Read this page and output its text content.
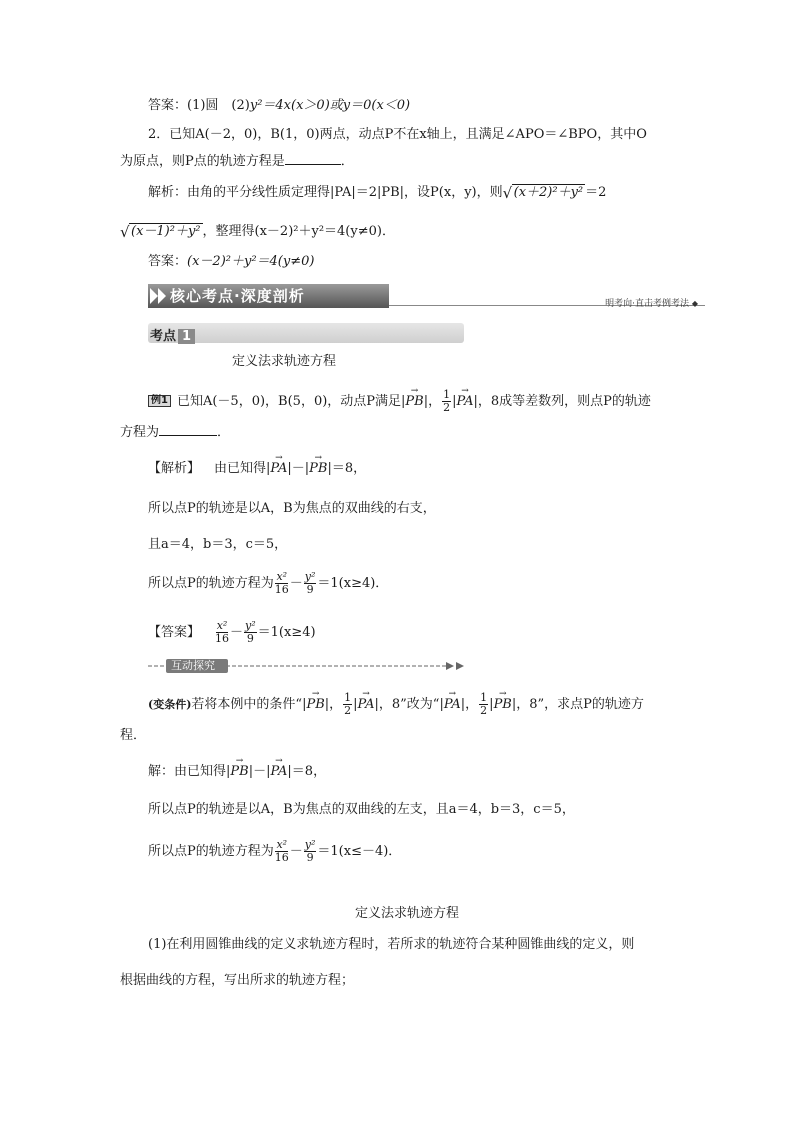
答案：(1)圆　(2)y²＝4x(x＞0)或y＝0(x＜0)
2．已知A(－2，0)，B(1，0)两点，动点P不在x轴上，且满足∠APO＝∠BPO，其中O
为原点，则P点的轨迹方程是	．
解析：由角的平分线性质定理得|PA|＝2|PB|，设P(x，y)，则 √ (x＋2)²＋y² ＝2
√ (x－1)²＋y² ，整理得(x－2)²＋y²＝4(y≠0)．
答案：(x－2)²＋y²＝4(y≠0)
核心考点·深度剖析	明考向·直击考例考法 ◆
考点 1
定义法求轨迹方程
例1 已知A(－5，0)，B(5，0)，动点P满足|→ PB|， $\frac{1}{2}$ |→ PA|，8成等差数列，则点P的轨迹
方程为	．
【解析】 由已知得|→ PA|－|→ PB|＝8，
所以点P的轨迹是以A，B为焦点的双曲线的右支，
且a＝4，b＝3，c＝5，
所以点P的轨迹方程为 $\frac{\text{x²}}{16} - \frac{\text{y²}}{9} =1(x\ge 4)$．
【答案】 $\frac{\text{x²}}{16} - \frac{\text{y²}}{9} =1(x\ge 4)$
互动探究
(变条件)若将本例中的条件“|→ PB|， $\frac{1}{2}$ |→ PA|，8”改为“|→ PA|， $\frac{1}{2}$ |→ PB|，8”，求点P的轨迹方
程．
解：由已知得|→ PB|－|→ PA|＝8，
所以点P的轨迹是以A，B为焦点的双曲线的左支，且a＝4，b＝3，c＝5，
所以点P的轨迹方程为 $\frac{\text{x²}}{16} - \frac{\text{y²}}{9} =1(x\le-4)$．
定义法求轨迹方程
(1)在利用圆锥曲线的定义求轨迹方程时，若所求的轨迹符合某种圆锥曲线的定义，则
根据曲线的方程，写出所求的轨迹方程；
